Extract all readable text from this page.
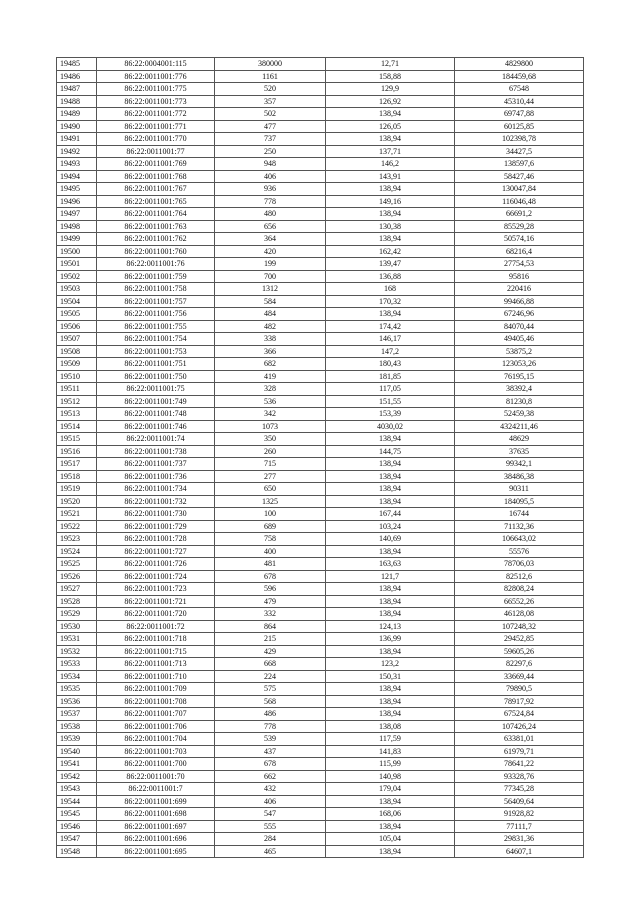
19485	86:22:0004001:115	380000	12,71	4829800
19486	86:22:0011001:776	1161	158,88	184459,68
19487	86:22:0011001:775	520	129,9	67548
19488	86:22:0011001:773	357	126,92	45310,44
19489	86:22:0011001:772	502	138,94	69747,88
19490	86:22:0011001:771	477	126,05	60125,85
19491	86:22:0011001:770	737	138,94	102398,78
19492	86:22:0011001:77	250	137,71	34427,5
19493	86:22:0011001:769	948	146,2	138597,6
19494	86:22:0011001:768	406	143,91	58427,46
19495	86:22:0011001:767	936	138,94	130047,84
19496	86:22:0011001:765	778	149,16	116046,48
19497	86:22:0011001:764	480	138,94	66691,2
19498	86:22:0011001:763	656	130,38	85529,28
19499	86:22:0011001:762	364	138,94	50574,16
19500	86:22:0011001:760	420	162,42	68216,4
19501	86:22:0011001:76	199	139,47	27754,53
19502	86:22:0011001:759	700	136,88	95816
19503	86:22:0011001:758	1312	168	220416
19504	86:22:0011001:757	584	170,32	99466,88
19505	86:22:0011001:756	484	138,94	67246,96
19506	86:22:0011001:755	482	174,42	84070,44
19507	86:22:0011001:754	338	146,17	49405,46
19508	86:22:0011001:753	366	147,2	53875,2
19509	86:22:0011001:751	682	180,43	123053,26
19510	86:22:0011001:750	419	181,85	76195,15
19511	86:22:0011001:75	328	117,05	38392,4
19512	86:22:0011001:749	536	151,55	81230,8
19513	86:22:0011001:748	342	153,39	52459,38
19514	86:22:0011001:746	1073	4030,02	4324211,46
19515	86:22:0011001:74	350	138,94	48629
19516	86:22:0011001:738	260	144,75	37635
19517	86:22:0011001:737	715	138,94	99342,1
19518	86:22:0011001:736	277	138,94	38486,38
19519	86:22:0011001:734	650	138,94	90311
19520	86:22:0011001:732	1325	138,94	184095,5
19521	86:22:0011001:730	100	167,44	16744
19522	86:22:0011001:729	689	103,24	71132,36
19523	86:22:0011001:728	758	140,69	106643,02
19524	86:22:0011001:727	400	138,94	55576
19525	86:22:0011001:726	481	163,63	78706,03
19526	86:22:0011001:724	678	121,7	82512,6
19527	86:22:0011001:723	596	138,94	82808,24
19528	86:22:0011001:721	479	138,94	66552,26
19529	86:22:0011001:720	332	138,94	46128,08
19530	86:22:0011001:72	864	124,13	107248,32
19531	86:22:0011001:718	215	136,99	29452,85
19532	86:22:0011001:715	429	138,94	59605,26
19533	86:22:0011001:713	668	123,2	82297,6
19534	86:22:0011001:710	224	150,31	33669,44
19535	86:22:0011001:709	575	138,94	79890,5
19536	86:22:0011001:708	568	138,94	78917,92
19537	86:22:0011001:707	486	138,94	67524,84
19538	86:22:0011001:706	778	138,08	107426,24
19539	86:22:0011001:704	539	117,59	63381,01
19540	86:22:0011001:703	437	141,83	61979,71
19541	86:22:0011001:700	678	115,99	78641,22
19542	86:22:0011001:70	662	140,98	93328,76
19543	86:22:0011001:7	432	179,04	77345,28
19544	86:22:0011001:699	406	138,94	56409,64
19545	86:22:0011001:698	547	168,06	91928,82
19546	86:22:0011001:697	555	138,94	77111,7
19547	86:22:0011001:696	284	105,04	29831,36
19548	86:22:0011001:695	465	138,94	64607,1
